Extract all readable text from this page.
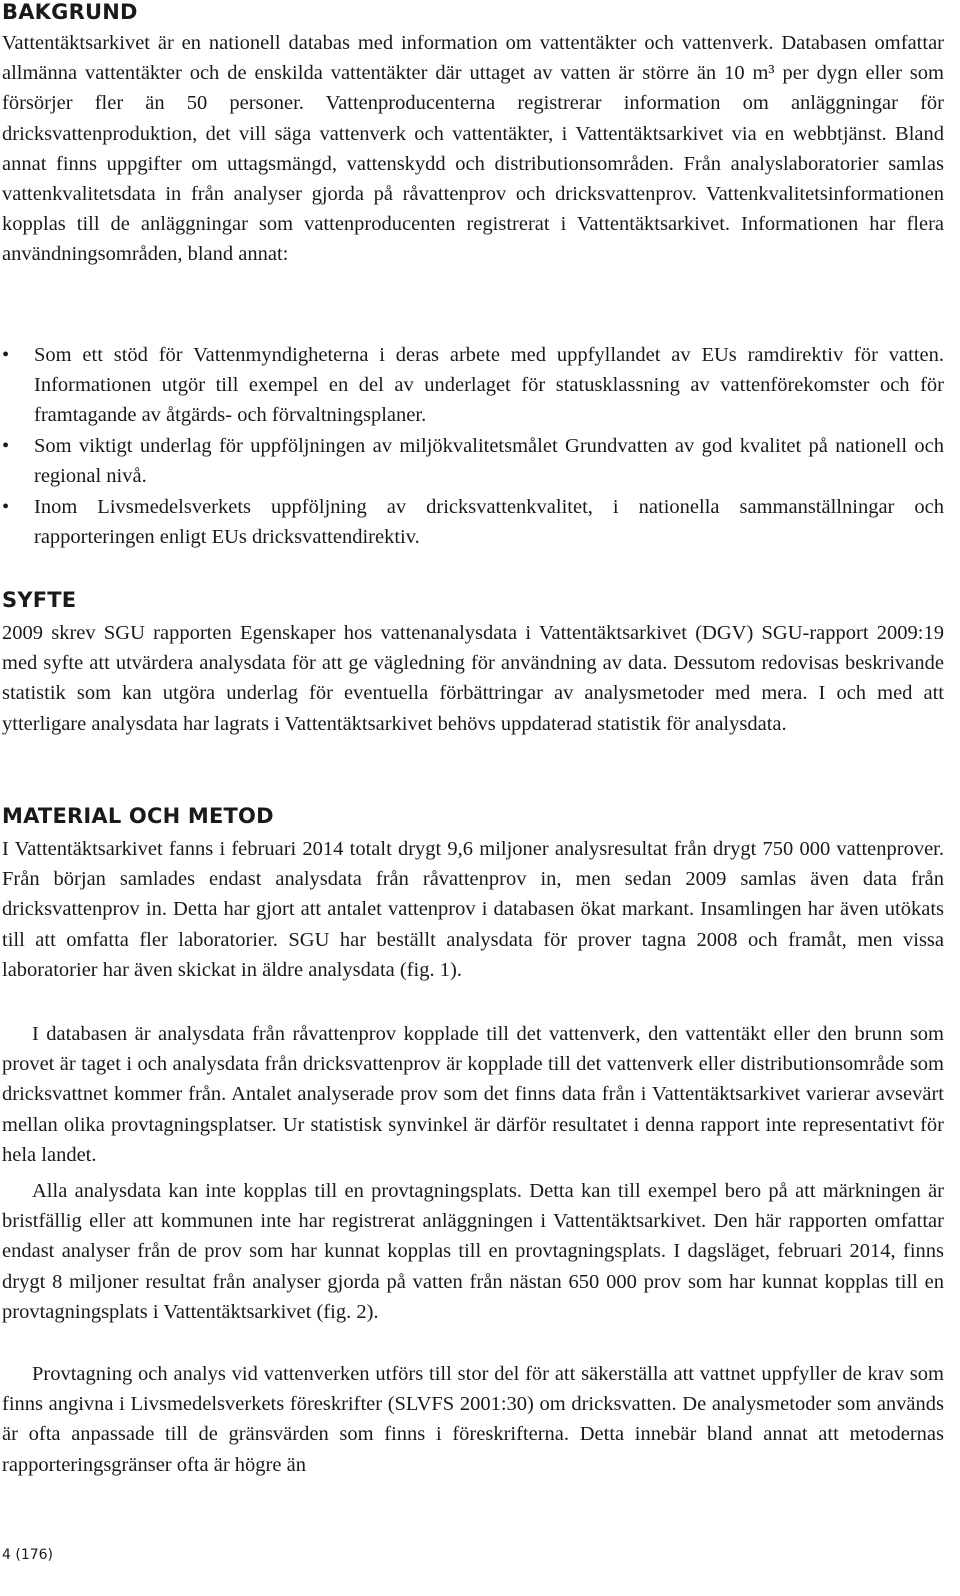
BAKGRUND

Vattentäktsarkivet är en nationell databas med information om vattentäkter och vattenverk. Databasen omfattar allmänna vattentäkter och de enskilda vattentäkter där uttaget av vatten är större än 10 m³ per dygn eller som försörjer fler än 50 personer. Vattenproducenterna registrerar information om anläggningar för dricksvattenproduktion, det vill säga vattenverk och vattentäkter, i Vattentäktsarkivet via en webbtjänst. Bland annat finns uppgifter om uttagsmängd, vattenskydd och distributionsområden. Från analyslaboratorier samlas vattenkvalitetsdata in från analyser gjorda på råvattenprov och dricksvattenprov. Vattenkvalitetsinformationen kopplas till de anläggningar som vattenproducenten registrerat i Vattentäktsarkivet. Informationen har flera användningsområden, bland annat:

• Som ett stöd för Vattenmyndigheterna i deras arbete med uppfyllandet av EUs ramdirektiv för vatten. Informationen utgör till exempel en del av underlaget för statusklassning av vattenförekomster och för framtagande av åtgärds- och förvaltningsplaner.

• Som viktigt underlag för uppföljningen av miljökvalitetsmålet Grundvatten av god kvalitet på nationell och regional nivå.

• Inom Livsmedelsverkets uppföljning av dricksvattenkvalitet, i nationella sammanställningar och rapporteringen enligt EUs dricksvattendirektiv.

SYFTE

2009 skrev SGU rapporten Egenskaper hos vattenanalysdata i Vattentäktsarkivet (DGV) SGU-rapport 2009:19 med syfte att utvärdera analysdata för att ge vägledning för användning av data. Dessutom redovisas beskrivande statistik som kan utgöra underlag för eventuella förbättringar av analysmetoder med mera. I och med att ytterligare analysdata har lagrats i Vattentäktsarkivet behövs uppdaterad statistik för analysdata.

MATERIAL OCH METOD

I Vattentäktsarkivet fanns i februari 2014 totalt drygt 9,6 miljoner analysresultat från drygt 750 000 vattenprover. Från början samlades endast analysdata från råvattenprov in, men sedan 2009 samlas även data från dricksvattenprov in. Detta har gjort att antalet vattenprov i databasen ökat markant. Insamlingen har även utökats till att omfatta fler laboratorier. SGU har beställt analysdata för prover tagna 2008 och framåt, men vissa laboratorier har även skickat in äldre analysdata (fig. 1).

I databasen är analysdata från råvattenprov kopplade till det vattenverk, den vattentäkt eller den brunn som provet är taget i och analysdata från dricksvattenprov är kopplade till det vattenverk eller distributionsområde som dricksvattnet kommer från. Antalet analyserade prov som det finns data från i Vattentäktsarkivet varierar avsevärt mellan olika provtagningsplatser. Ur statistisk synvinkel är därför resultatet i denna rapport inte representativt för hela landet.

Alla analysdata kan inte kopplas till en provtagningsplats. Detta kan till exempel bero på att märkningen är bristfällig eller att kommunen inte har registrerat anläggningen i Vattentäktsarkivet. Den här rapporten omfattar endast analyser från de prov som har kunnat kopplas till en provtagningsplats. I dagsläget, februari 2014, finns drygt 8 miljoner resultat från analyser gjorda på vatten från nästan 650 000 prov som har kunnat kopplas till en provtagningsplats i Vattentäktsarkivet (fig. 2).

Provtagning och analys vid vattenverken utförs till stor del för att säkerställa att vattnet uppfyller de krav som finns angivna i Livsmedelsverkets föreskrifter (SLVFS 2001:30) om dricksvatten. De analysmetoder som används är ofta anpassade till de gränsvärden som finns i föreskrifterna. Detta innebär bland annat att metodernas rapporteringsgränser ofta är högre än

4 (176)
